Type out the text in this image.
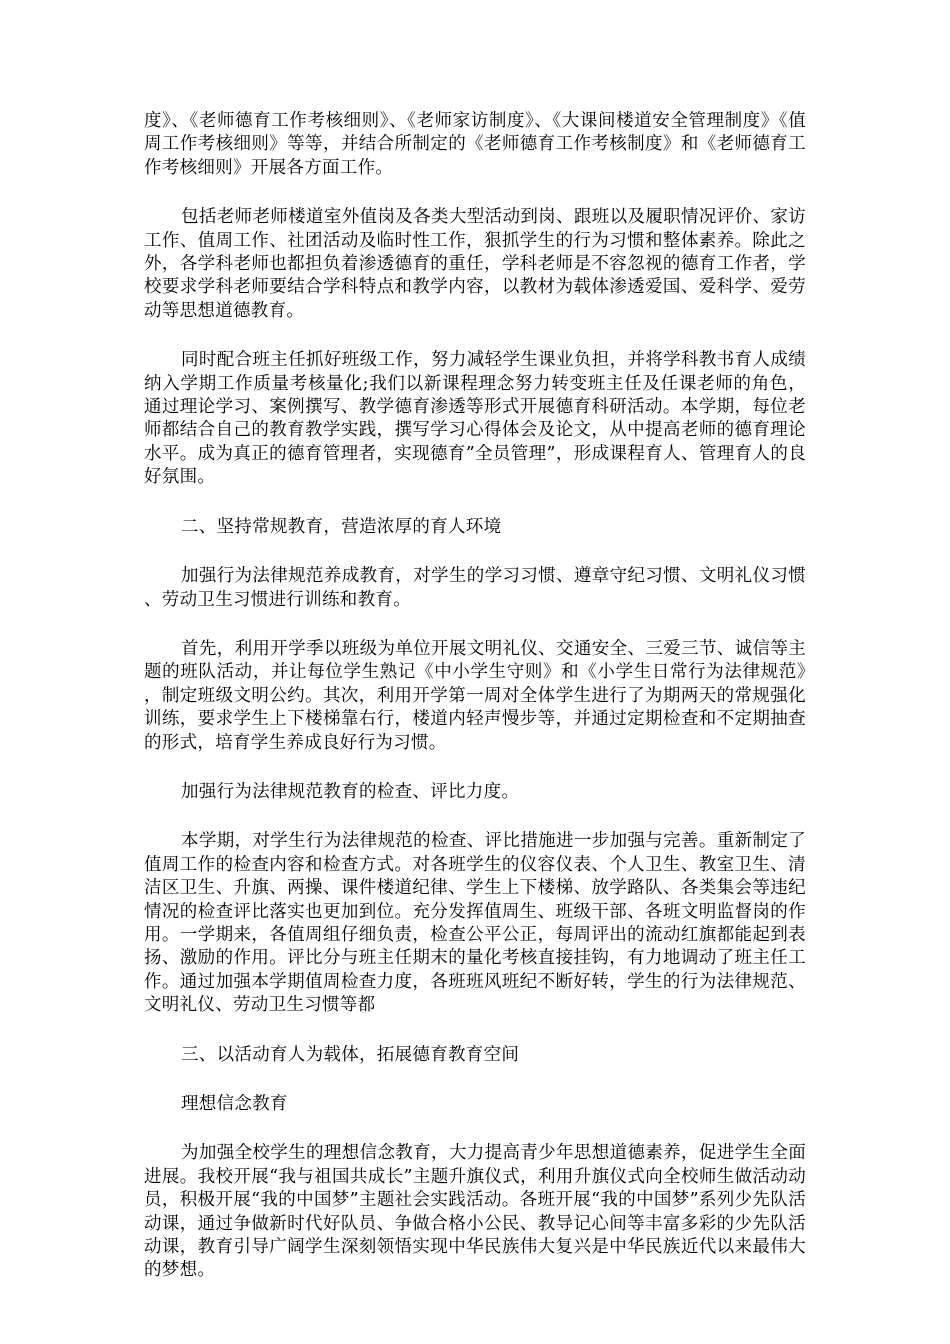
度》、《老师德育工作考核细则》、《老师家访制度》、《大课间楼道安全管理制度》《值周工作考核细则》等等，并结合所制定的《老师德育工作考核制度》和《老师德育工作考核细则》开展各方面工作。

包括老师老师楼道室外值岗及各类大型活动到岗、跟班以及履职情况评价、家访工作、值周工作、社团活动及临时性工作，狠抓学生的行为习惯和整体素养。除此之外，各学科老师也都担负着渗透德育的重任，学科老师是不容忽视的德育工作者，学校要求学科老师要结合学科特点和教学内容，以教材为载体渗透爱国、爱科学、爱劳动等思想道德教育。

同时配合班主任抓好班级工作，努力减轻学生课业负担，并将学科教书育人成绩纳入学期工作质量考核量化;我们以新课程理念努力转变班主任及任课老师的角色，通过理论学习、案例撰写、教学德育渗透等形式开展德育科研活动。本学期，每位老师都结合自己的教育教学实践，撰写学习心得体会及论文，从中提高老师的德育理论水平。成为真正的德育管理者，实现德育”全员管理”，形成课程育人、管理育人的良好氛围。

二、坚持常规教育，营造浓厚的育人环境

加强行为法律规范养成教育，对学生的学习习惯、遵章守纪习惯、文明礼仪习惯、劳动卫生习惯进行训练和教育。

首先，利用开学季以班级为单位开展文明礼仪、交通安全、三爱三节、诚信等主题的班队活动，并让每位学生熟记《中小学生守则》和《小学生日常行为法律规范》，制定班级文明公约。其次，利用开学第一周对全体学生进行了为期两天的常规强化训练，要求学生上下楼梯靠右行，楼道内轻声慢步等，并通过定期检查和不定期抽查的形式，培育学生养成良好行为习惯。

加强行为法律规范教育的检查、评比力度。

本学期，对学生行为法律规范的检查、评比措施进一步加强与完善。重新制定了值周工作的检查内容和检查方式。对各班学生的仪容仪表、个人卫生、教室卫生、清洁区卫生、升旗、两操、课件楼道纪律、学生上下楼梯、放学路队、各类集会等违纪情况的检查评比落实也更加到位。充分发挥值周生、班级干部、各班文明监督岗的作用。一学期来，各值周组仔细负责，检查公平公正，每周评出的流动红旗都能起到表扬、激励的作用。评比分与班主任期末的量化考核直接挂钩，有力地调动了班主任工作。通过加强本学期值周检查力度，各班班风班纪不断好转，学生的行为法律规范、文明礼仪、劳动卫生习惯等都

三、以活动育人为载体，拓展德育教育空间

理想信念教育

为加强全校学生的理想信念教育，大力提高青少年思想道德素养，促进学生全面进展。我校开展“我与祖国共成长”主题升旗仪式，利用升旗仪式向全校师生做活动动员，积极开展“我的中国梦”主题社会实践活动。各班开展“我的中国梦”系列少先队活动课，通过争做新时代好队员、争做合格小公民、教导记心间等丰富多彩的少先队活动课，教育引导广阔学生深刻领悟实现中华民族伟大复兴是中华民族近代以来最伟大的梦想。
